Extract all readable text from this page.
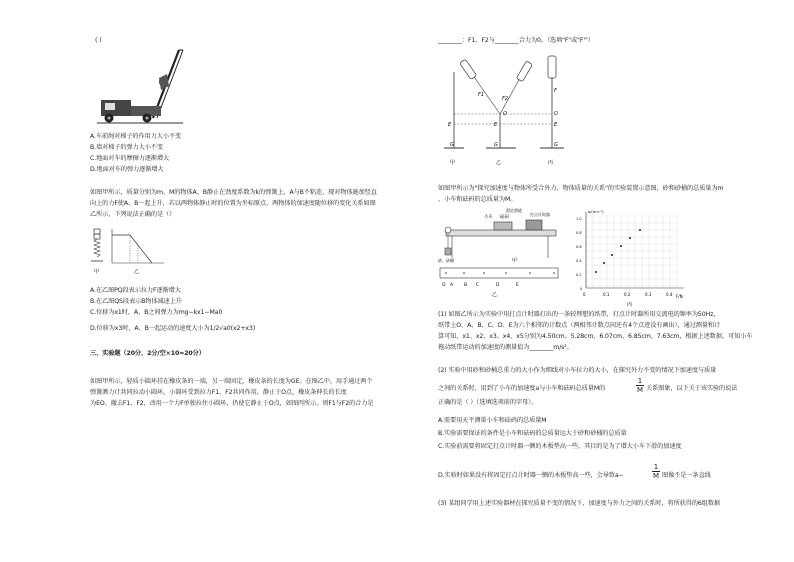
( )
A.车前绳对梯子的作用力大小不变
B.墙对梯子的弹力大小不变
C.地面对车的摩擦力逐渐增大
D.地面对车的弹力逐渐增大
如图甲所示，质量分别为m、M的物体A、B静止在劲度系数为k的弹簧上，A与B不粘连，现对物体施加竖直
向上的力F使A、B一起上升，若以两物体静止时的位置为坐标原点，两物体的加速度随位移的变化关系如图
乙所示，下列说法正确的是（）
甲	乙
A.在乙图PQ段表示拉力F逐渐增大
B.在乙图QS段表示B物体减速上升
C.位移为x1时，A、B之间弹力为mg−kx1−Ma0
D.位移为x3时，A、B一起运动的速度大小为1/2√a0(x2+x3)
三、实验题（20分，2分/空×10=20分）
如图甲所示，轻质小圆环挂在橡皮条的一端，另一端固定，橡皮条的长度为GE。在图乙中，用手通过两个
弹簧测力计共同拉动小圆环，小圆环受到拉力F1、F2共同作用，静止于O点，橡皮条伸长的长度
为EO。撤去F1、F2，改用一个力F单独拉住小圆环，仍使它静止于O点，如图丙所示。则F1与F2的合力是
________：F1、F2与________合力为0。（选填"F"或"F'"）
G
E
甲
F1
F2
O
E
G
乙
F
O
E
G
丙
如图甲所示为"探究加速度与物体所受合外力、物体质量的关系"的实验装置示意图，砂和砂桶的总质量为m
，小车和砝码的总质量为M。
小车 砝码
滑定滑轮
打点计时器
砂、砂桶	甲
O A B C	D	E
乙
a/(m·s⁻²)
F/N
0	0.1	0.2	0.3	0.4
0
0.2
0.4
0.6
0.8
1.0
丙
(1) 如图乙所示为实验中用打点计时器打出的一条较理想的纸带，打点计时器所用交流电的频率为50Hz，
纸带上O、A、B、C、D、E为六个相邻的计数点（两相邻计数点间还有4个点迹没有画出），通过测量和计
算可知，x1、x2、x3、x4、x5分别为4.50cm、5.28cm、6.07cm、6.85cm、7.63cm，根据上述数据，可知小车
拖动纸带运动的加速度的测量值为________m/s²。
(2) 实验中用砂和砂桶总重力的大小作为细线对小车拉力的大小，在探究外力不变的情况下加速度与质量
之间的关系时，用到了小车的加速度a与小车和砝码总质量M的
1
M 关系图象，以下关于该实验的说法
正确的是（ ）（选填选项前的字母）。
A.需要用天平测量小车和砝码的总质量M
B.实验需要保证的条件是小车和砝码的总质量远大于砂和砂桶的总质量
C.实验前需要将固定打点计时器一侧的木板垫高一些，其目的是为了增大小车下滑的加速度
D.实验时如果没有将固定打点计时器一侧的木板垫高一些，会导致a−
1
M 图像不是一条直线
(3) 某组同学用上述实验器材在探究质量不变的情况下，加速度与外力之间的关系时，将所获得的6组数据
